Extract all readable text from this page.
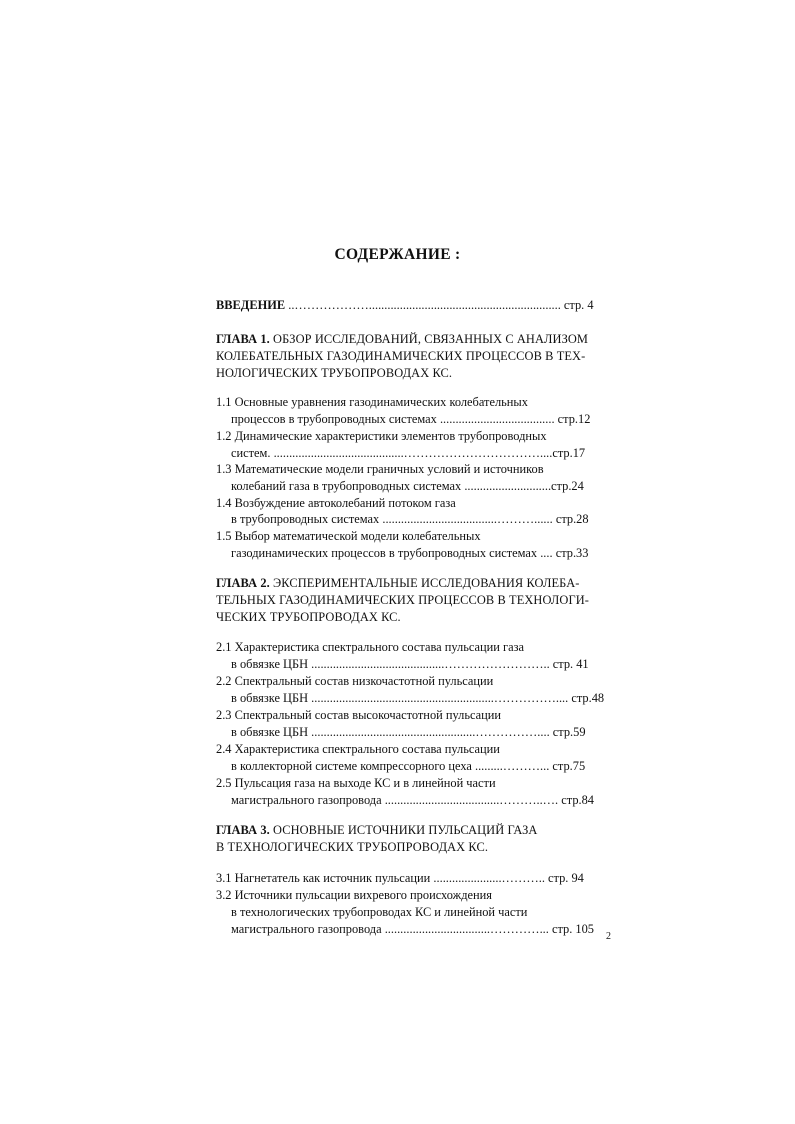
СОДЕРЖАНИЕ :
ВВЕДЕНИЕ ..……………….............................................................. стр. 4
ГЛАВА 1. ОБЗОР ИССЛЕДОВАНИЙ, СВЯЗАННЫХ С АНАЛИЗОМ
КОЛЕБАТЕЛЬНЫХ ГАЗОДИНАМИЧЕСКИХ ПРОЦЕССОВ В ТЕХ-
НОЛОГИЧЕСКИХ ТРУБОПРОВОДАХ КС.
1.1 Основные уравнения газодинамических колебательных
процессов в трубопроводных системах ..................................... стр.12
1.2 Динамические характеристики элементов трубопроводных
систем. ..........................................……………………………....стр.17
1.3 Математические модели граничных условий и источников
колебаний газа в трубопроводных системах ............................стр.24
1.4 Возбуждение автоколебаний потоком газа
в трубопроводных системах .....................................………...... стр.28
1.5 Выбор математической модели колебательных
газодинамических процессов в трубопроводных системах .... стр.33
ГЛАВА 2. ЭКСПЕРИМЕНТАЛЬНЫЕ ИССЛЕДОВАНИЯ КОЛЕБА-
ТЕЛЬНЫХ ГАЗОДИНАМИЧЕСКИХ ПРОЦЕССОВ В ТЕХНОЛОГИ-
ЧЕСКИХ ТРУБОПРОВОДАХ КС.
2.1 Характеристика спектрального состава пульсации газа
в обвязке ЦБН ...........................................…………………….. стр. 41
2.2 Спектральный состав низкочастотной пульсации
в обвязке ЦБН ...........................................................…………….... стр.48
2.3 Спектральный состав высокочастотной пульсации
в обвязке ЦБН .....................................................…………….... стр.59
2.4 Характеристика спектрального состава пульсации
в коллекторной системе компрессорного цеха .........………... стр.75
2.5 Пульсация газа на выходе КС и в линейной части
магистрального газопровода .....................................………..…. стр.84
ГЛАВА 3. ОСНОВНЫЕ ИСТОЧНИКИ ПУЛЬСАЦИЙ ГАЗА
В ТЕХНОЛОГИЧЕСКИХ ТРУБОПРОВОДАХ КС.
3.1 Нагнетатель как источник пульсации ......................……….. стр. 94
3.2 Источники пульсации вихревого происхождения
в технологических трубопроводах КС и линейной части
магистрального газопровода ..................................…………... стр. 105
2
